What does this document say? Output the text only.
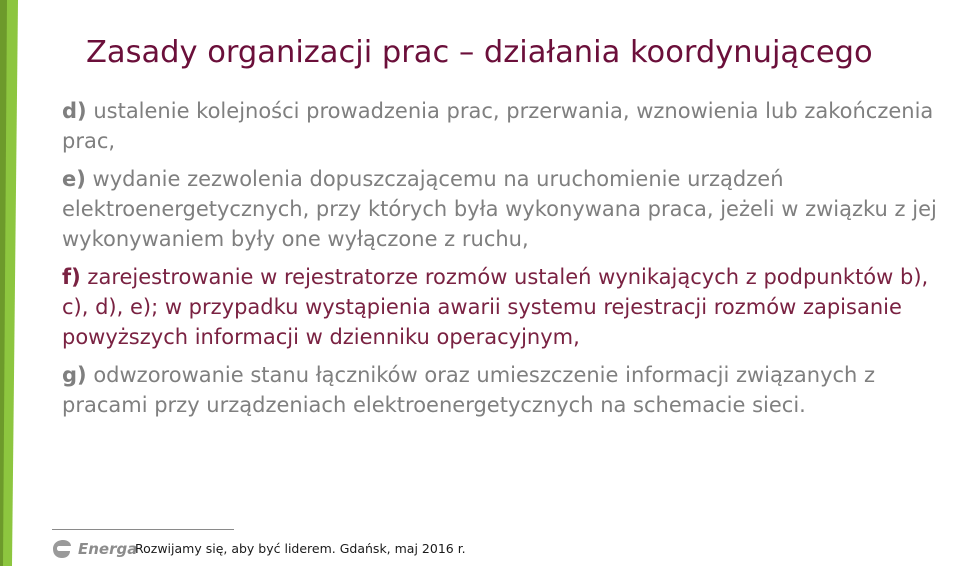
Zasady organizacji prac – działania koordynującego

d) ustalenie kolejności prowadzenia prac, przerwania, wznowienia lub zakończenia prac,

e) wydanie zezwolenia dopuszczającemu na uruchomienie urządzeń elektroenergetycznych, przy których była wykonywana praca, jeżeli w związku z jej wykonywaniem były one wyłączone z ruchu,

f) zarejestrowanie w rejestratorze rozmów ustaleń wynikających z podpunktów b), c), d), e); w przypadku wystąpienia awarii systemu rejestracji rozmów zapisanie powyższych informacji w dzienniku operacyjnym,

g) odwzorowanie stanu łączników oraz umieszczenie informacji związanych z pracami przy urządzeniach elektroenergetycznych na schemacie sieci.

Energa
Rozwijamy się, aby być liderem. Gdańsk, maj 2016 r.
